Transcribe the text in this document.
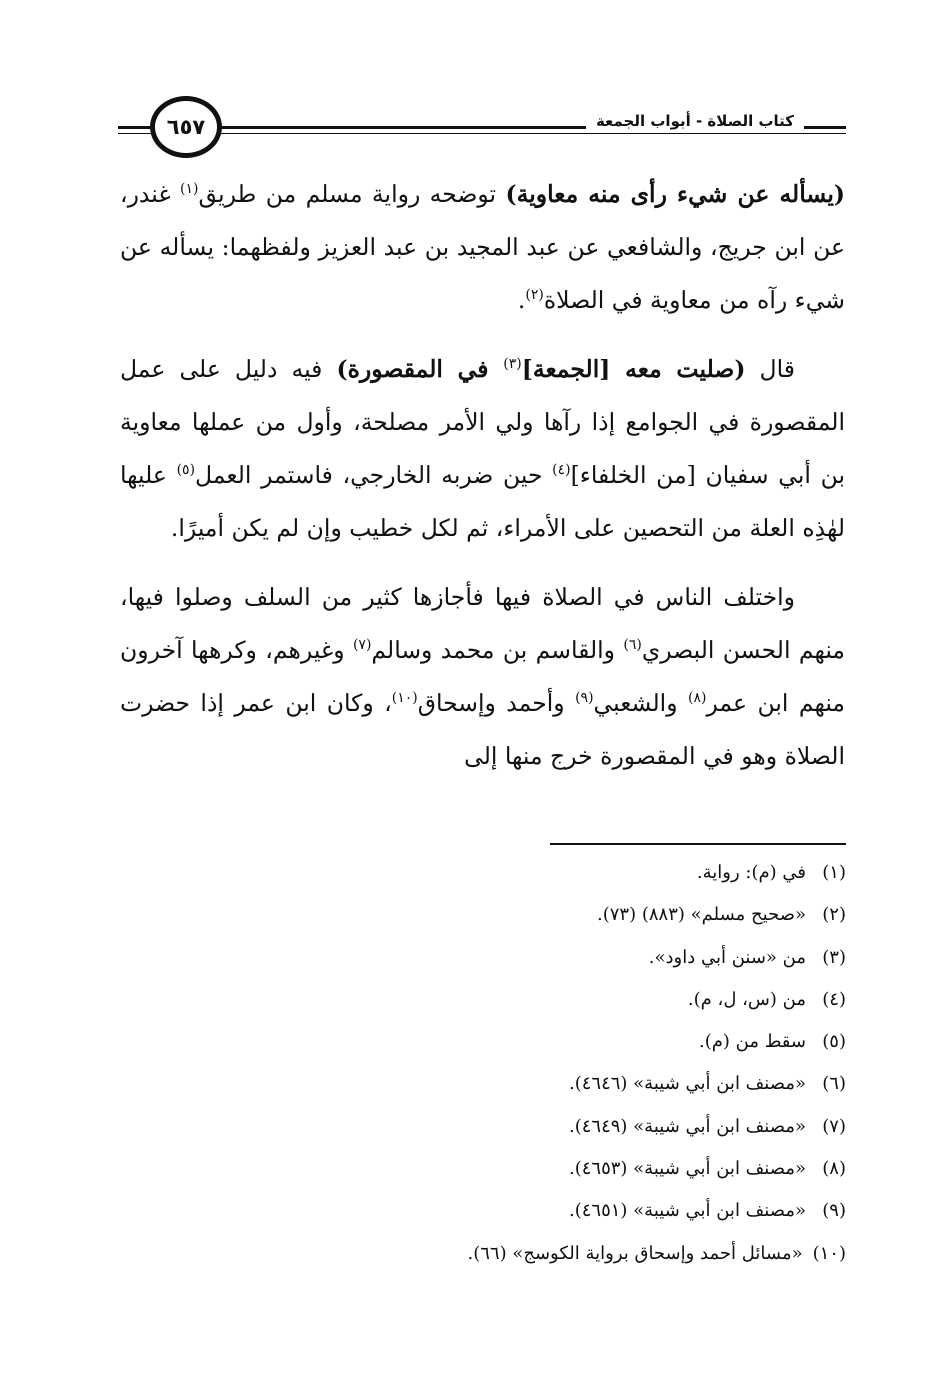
كتاب الصلاة - أبواب الجمعة
٦٥٧

(يسأله عن شيء رأى منه معاوية) توضحه رواية مسلم من طريق$^{(١)}$ غندر، عن ابن جريج، والشافعي عن عبد المجيد بن عبد العزيز ولفظهما: يسأله عن شيء رآه من معاوية في الصلاة$^{(٢)}$.

قال (صليت معه [الجمعة]$^{(٣)}$ في المقصورة) فيه دليل على عمل المقصورة في الجوامع إذا رآها ولي الأمر مصلحة، وأول من عملها معاوية بن أبي سفيان [من الخلفاء]$^{(٤)}$ حين ضربه الخارجي، فاستمر العمل$^{(٥)}$ عليها لهٰذِه العلة من التحصين على الأمراء، ثم لكل خطيب وإن لم يكن أميرًا.

واختلف الناس في الصلاة فيها فأجازها كثير من السلف وصلوا فيها، منهم الحسن البصري$^{(٦)}$ والقاسم بن محمد وسالم$^{(٧)}$ وغيرهم، وكرهها آخرون منهم ابن عمر$^{(٨)}$ والشعبي$^{(٩)}$ وأحمد وإسحاق$^{(١٠)}$، وكان ابن عمر إذا حضرت الصلاة وهو في المقصورة خرج منها إلى

(١)في (م): رواية.
(٢)«صحيح مسلم» (٨٨٣) (٧٣).
(٣)من «سنن أبي داود».
(٤)من (س، ل، م).
(٥)سقط من (م).
(٦)«مصنف ابن أبي شيبة» (٤٦٤٦).
(٧)«مصنف ابن أبي شيبة» (٤٦٤٩).
(٨)«مصنف ابن أبي شيبة» (٤٦٥٣).
(٩)«مصنف ابن أبي شيبة» (٤٦٥١).
(١٠)«مسائل أحمد وإسحاق برواية الكوسج» (٦٦).
